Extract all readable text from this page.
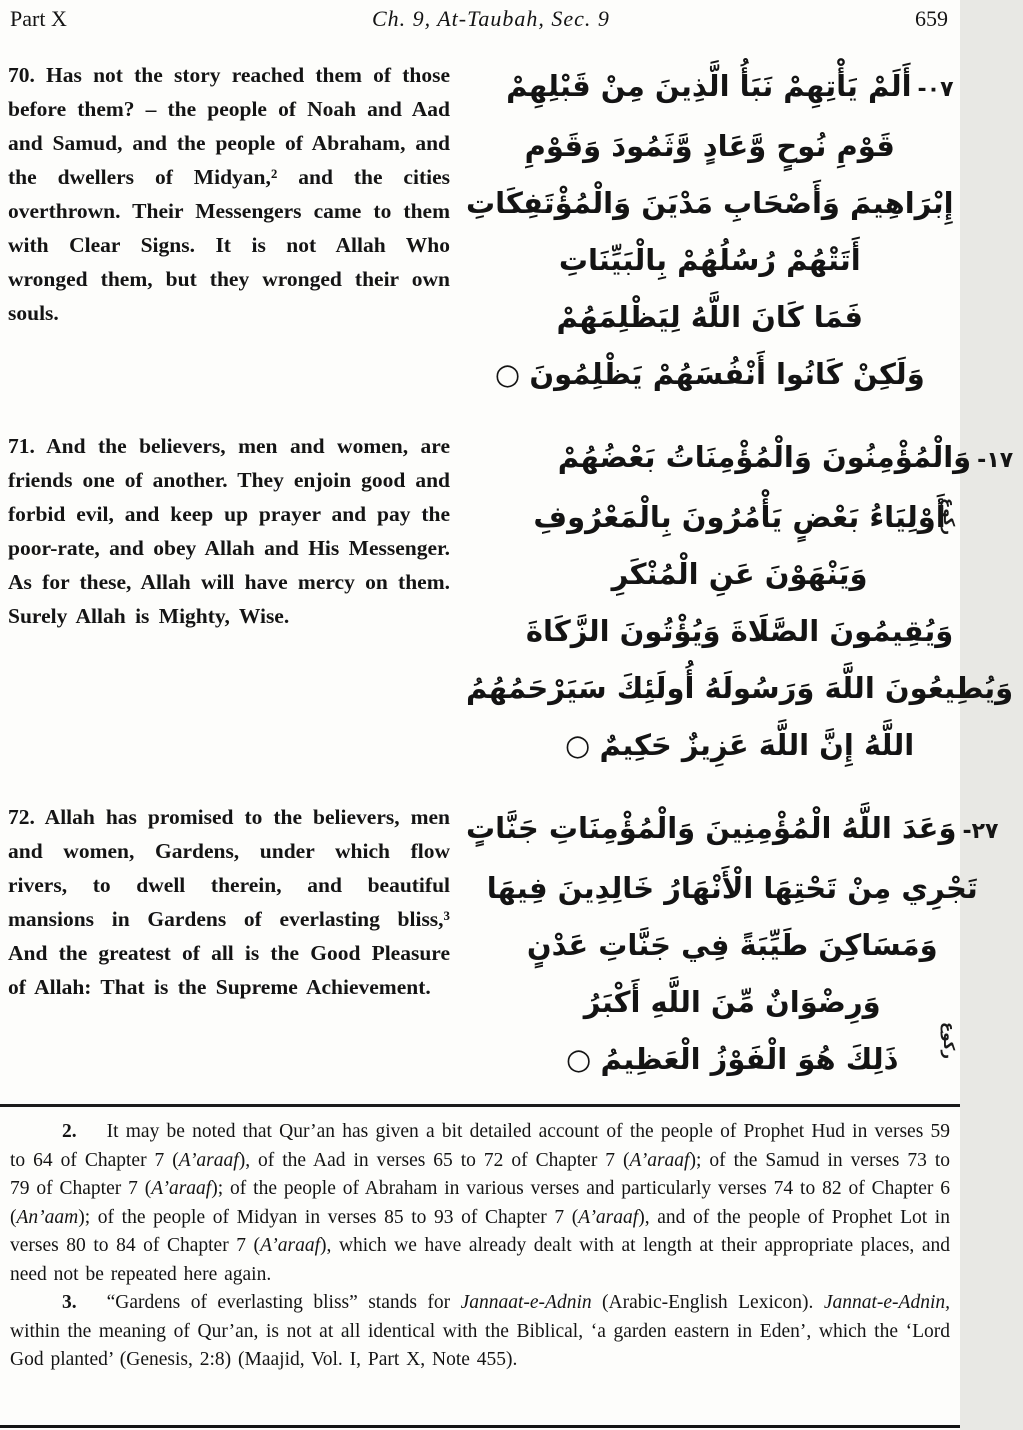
Part X	Ch. 9, At-Taubah, Sec. 9	659

70. Has not the story reached them of those before them? – the people of Noah and Aad and Samud, and the people of Abraham, and the dwellers of Midyan,² and the cities overthrown. Their Messengers came to them with Clear Signs. It is not Allah Who wronged them, but they wronged their own souls.

-٠٧أَلَمْ يَأْتِهِمْ نَبَأُ الَّذِينَ مِنْ قَبْلِهِمْ
قَوْمِ نُوحٍ وَّعَادٍ وَّثَمُودَ وَقَوْمِ
إِبْرَاهِيمَ وَأَصْحَابِ مَدْيَنَ وَالْمُؤْتَفِكَاتِ
أَتَتْهُمْ رُسُلُهُمْ بِالْبَيِّنَاتِ
فَمَا كَانَ اللَّهُ لِيَظْلِمَهُمْ
وَلَكِنْ كَانُوا أَنْفُسَهُمْ يَظْلِمُونَ ○

71. And the believers, men and women, are friends one of another. They enjoin good and forbid evil, and keep up prayer and pay the poor-rate, and obey Allah and His Messenger. As for these, Allah will have mercy on them. Surely Allah is Mighty, Wise.

-١٧وَالْمُؤْمِنُونَ وَالْمُؤْمِنَاتُ بَعْضُهُمْ
أَوْلِيَاءُ بَعْضٍ يَأْمُرُونَ بِالْمَعْرُوفِ
وَيَنْهَوْنَ عَنِ الْمُنْكَرِ
وَيُقِيمُونَ الصَّلَاةَ وَيُؤْتُونَ الزَّكَاةَ
وَيُطِيعُونَ اللَّهَ وَرَسُولَهُ أُولَئِكَ سَيَرْحَمُهُمُ
اللَّهُ إِنَّ اللَّهَ عَزِيزٌ حَكِيمٌ ○

72. Allah has promised to the believers, men and women, Gardens, under which flow rivers, to dwell therein, and beautiful mansions in Gardens of everlasting bliss,³ And the greatest of all is the Good Pleasure of Allah: That is the Supreme Achievement.

-٢٧وَعَدَ اللَّهُ الْمُؤْمِنِينَ وَالْمُؤْمِنَاتِ جَنَّاتٍ
تَجْرِي مِنْ تَحْتِهَا الْأَنْهَارُ خَالِدِينَ فِيهَا
وَمَسَاكِنَ طَيِّبَةً فِي جَنَّاتِ عَدْنٍ
وَرِضْوَانٌ مِّنَ اللَّهِ أَكْبَرُ
ذَلِكَ هُوَ الْفَوْزُ الْعَظِيمُ ○

2. It may be noted that Qur’an has given a bit detailed account of the people of Prophet Hud in verses 59 to 64 of Chapter 7 (A’araaf), of the Aad in verses 65 to 72 of Chapter 7 (A’araaf); of the Samud in verses 73 to 79 of Chapter 7 (A’araaf); of the people of Abraham in various verses and particularly verses 74 to 82 of Chapter 6 (An’aam); of the people of Midyan in verses 85 to 93 of Chapter 7 (A’araaf), and of the people of Prophet Lot in verses 80 to 84 of Chapter 7 (A’araaf), which we have already dealt with at length at their appropriate places, and need not be repeated here again.

3. “Gardens of everlasting bliss” stands for Jannaat-e-Adnin (Arabic-English Lexicon). Jannat-e-Adnin, within the meaning of Qur’an, is not at all identical with the Biblical, ‘a garden eastern in Eden’, which the ‘Lord God planted’ (Genesis, 2:8) (Maajid, Vol. I, Part X, Note 455).

ركوع
ركوع
